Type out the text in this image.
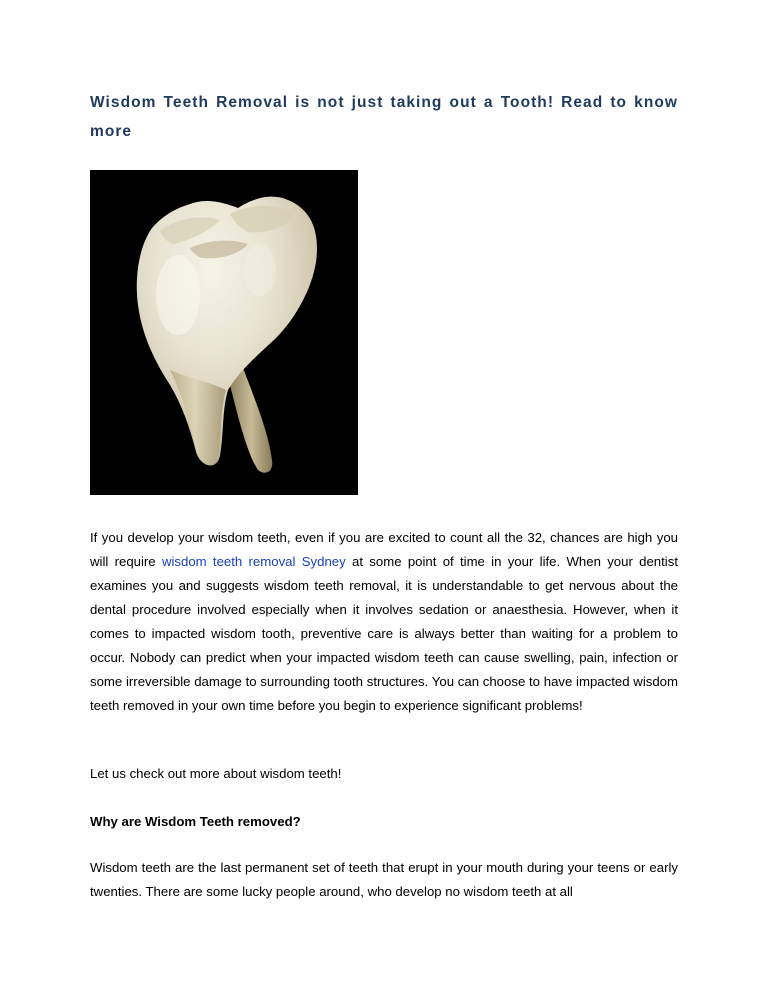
Wisdom Teeth Removal is not just taking out a Tooth! Read to know more

If you develop your wisdom teeth, even if you are excited to count all the 32, chances are high you will require wisdom teeth removal Sydney at some point of time in your life. When your dentist examines you and suggests wisdom teeth removal, it is understandable to get nervous about the dental procedure involved especially when it involves sedation or anaesthesia. However, when it comes to impacted wisdom tooth, preventive care is always better than waiting for a problem to occur. Nobody can predict when your impacted wisdom teeth can cause swelling, pain, infection or some irreversible damage to surrounding tooth structures. You can choose to have impacted wisdom teeth removed in your own time before you begin to experience significant problems!

Let us check out more about wisdom teeth!

Why are Wisdom Teeth removed?

Wisdom teeth are the last permanent set of teeth that erupt in your mouth during your teens or early twenties. There are some lucky people around, who develop no wisdom teeth at all
